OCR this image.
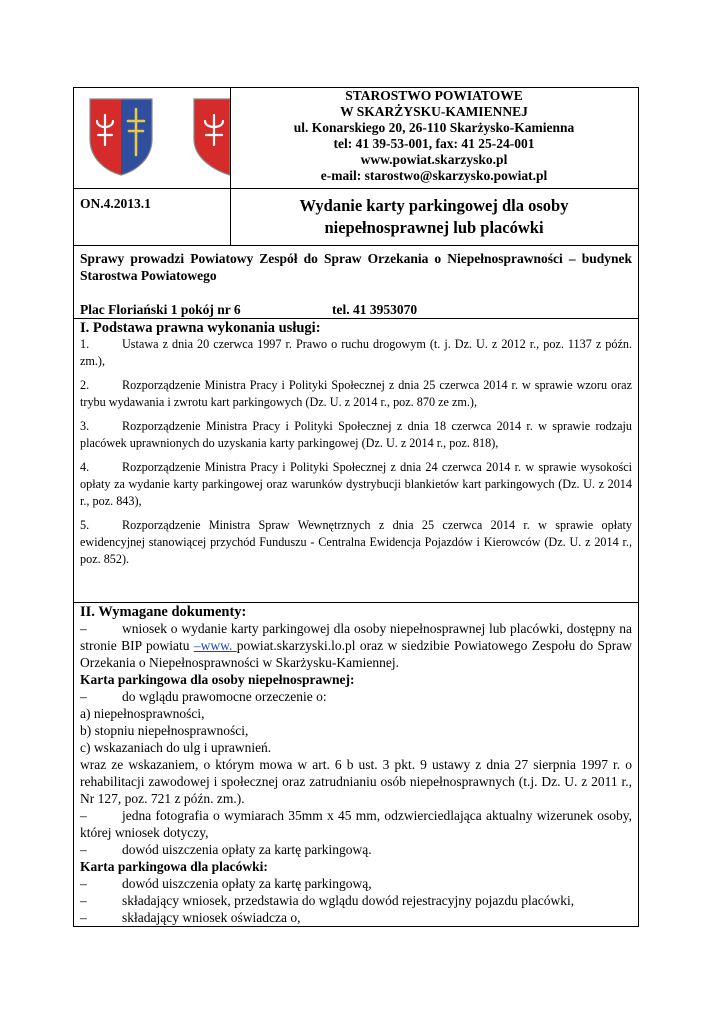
STAROSTWO POWIATOWE
W SKARŻYSKU-KAMIENNEJ
ul. Konarskiego 20, 26-110 Skarżysko-Kamienna
tel: 41 39-53-001, fax: 41 25-24-001
www.powiat.skarzysko.pl
e-mail: starostwo@skarzysko.powiat.pl
ON.4.2013.1	Wydanie karty parkingowej dla osoby
niepełnosprawnej lub placówki
Sprawy prowadzi Powiatowy Zespół do Spraw Orzekania o Niepełnosprawności – budynek Starostwa Powiatowego
Plac Floriański 1 pokój nr 6	tel. 41 3953070
I. Podstawa prawna wykonania usługi:

1.	Ustawa z dnia 20 czerwca 1997 r. Prawo o ruchu drogowym (t. j. Dz. U. z 2012 r., poz. 1137 z późn. zm.),

2.	Rozporządzenie Ministra Pracy i Polityki Społecznej z dnia 25 czerwca 2014 r. w sprawie wzoru oraz trybu wydawania i zwrotu kart parkingowych (Dz. U. z 2014 r., poz. 870 ze zm.),

3.	Rozporządzenie Ministra Pracy i Polityki Społecznej z dnia 18 czerwca 2014 r. w sprawie rodzaju placówek uprawnionych do uzyskania karty parkingowej (Dz. U. z 2014 r., poz. 818),

4.	Rozporządzenie Ministra Pracy i Polityki Społecznej z dnia 24 czerwca 2014 r. w sprawie wysokości opłaty za wydanie karty parkingowej oraz warunków dystrybucji blankietów kart parkingowych (Dz. U. z 2014 r., poz. 843),

5.	Rozporządzenie Ministra Spraw Wewnętrznych z dnia 25 czerwca 2014 r. w sprawie opłaty ewidencyjnej stanowiącej przychód Funduszu - Centralna Ewidencja Pojazdów i Kierowców (Dz. U. z 2014 r., poz. 852).

II. Wymagane dokumenty:

–	wniosek o wydanie karty parkingowej dla osoby niepełnosprawnej lub placówki, dostępny na stronie BIP powiatu –www. powiat.skarzyski.lo.pl oraz w siedzibie Powiatowego Zespołu do Spraw Orzekania o Niepełnosprawności w Skarżysku-Kamiennej.

Karta parkingowa dla osoby niepełnosprawnej:

–	do wglądu prawomocne orzeczenie o:

a) niepełnosprawności,

b) stopniu niepełnosprawności,

c) wskazaniach do ulg i uprawnień.

wraz ze wskazaniem, o którym mowa w art. 6 b ust. 3 pkt. 9 ustawy z dnia 27 sierpnia 1997 r. o rehabilitacji zawodowej i społecznej oraz zatrudnianiu osób niepełnosprawnych (t.j. Dz. U. z 2011 r., Nr 127, poz. 721 z późn. zm.).

–	jedna fotografia o wymiarach 35mm x 45 mm, odzwierciedlająca aktualny wizerunek osoby, której wniosek dotyczy,

–	dowód uiszczenia opłaty za kartę parkingową.

Karta parkingowa dla placówki:

–	dowód uiszczenia opłaty za kartę parkingową,

–	składający wniosek, przedstawia do wglądu dowód rejestracyjny pojazdu placówki,

–	składający wniosek oświadcza o,
